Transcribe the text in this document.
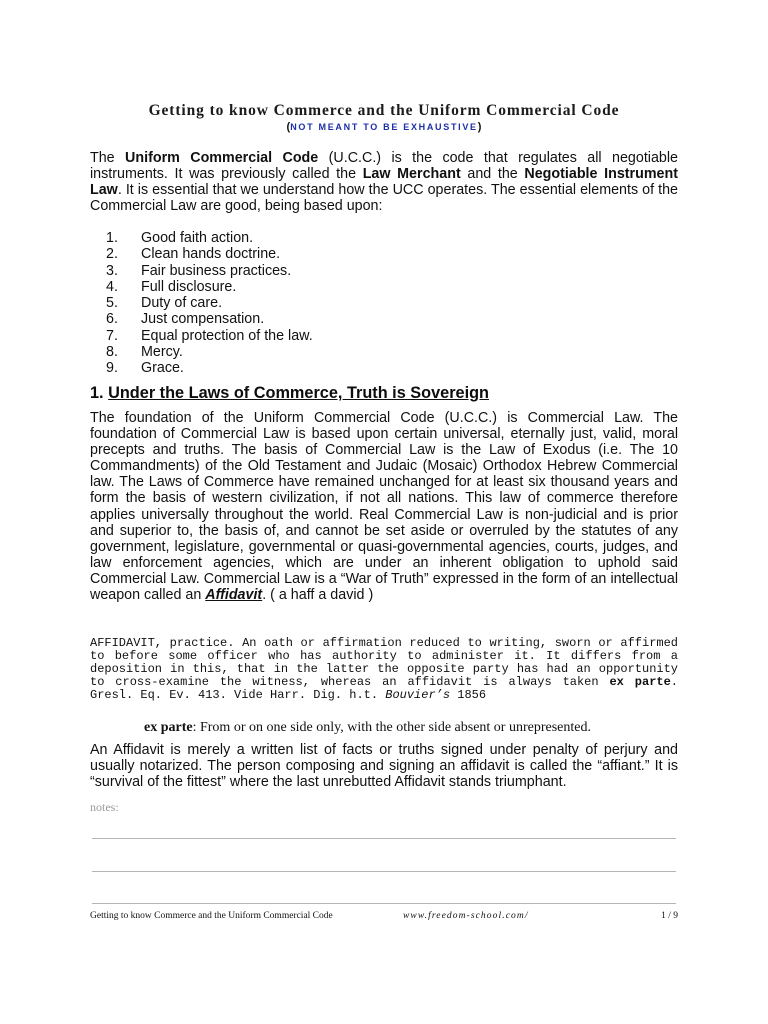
Getting to know Commerce and the Uniform Commercial Code

(NOT MEANT TO BE EXHAUSTIVE)

The Uniform Commercial Code (U.C.C.) is the code that regulates all negotiable instruments. It was previously called the Law Merchant and the Negotiable Instrument Law. It is essential that we understand how the UCC operates. The essential elements of the Commercial Law are good, being based upon:

1.	Good faith action.
2.	Clean hands doctrine.
3.	Fair business practices.
4.	Full disclosure.
5.	Duty of care.
6.	Just compensation.
7.	Equal protection of the law.
8.	Mercy.
9.	Grace.
1. Under the Laws of Commerce, Truth is Sovereign

The foundation of the Uniform Commercial Code (U.C.C.) is Commercial Law. The foundation of Commercial Law is based upon certain universal, eternally just, valid, moral precepts and truths. The basis of Commercial Law is the Law of Exodus (i.e. The 10 Commandments) of the Old Testament and Judaic (Mosaic) Orthodox Hebrew Commercial law. The Laws of Commerce have remained unchanged for at least six thousand years and form the basis of western civilization, if not all nations. This law of commerce therefore applies universally throughout the world. Real Commercial Law is non-judicial and is prior and superior to, the basis of, and cannot be set aside or overruled by the statutes of any government, legislature, governmental or quasi-governmental agencies, courts, judges, and law enforcement agencies, which are under an inherent obligation to uphold said Commercial Law. Commercial Law is a “War of Truth” expressed in the form of an intellectual weapon called an Affidavit. ( a haff a david )

AFFIDAVIT, practice. An oath or affirmation reduced to writing, sworn or affirmed to before some officer who has authority to administer it. It differs from a deposition in this, that in the latter the opposite party has had an opportunity to cross-examine the witness, whereas an affidavit is always taken ex parte. Gresl. Eq. Ev. 413. Vide Harr. Dig. h.t. Bouvier’s 1856

ex parte: From or on one side only, with the other side absent or unrepresented.

An Affidavit is merely a written list of facts or truths signed under penalty of perjury and usually notarized. The person composing and signing an affidavit is called the “affiant.” It is “survival of the fittest” where the last unrebutted Affidavit stands triumphant.

notes:

Getting to know Commerce and the Uniform Commercial Code	www.freedom-school.com/	1 / 9
